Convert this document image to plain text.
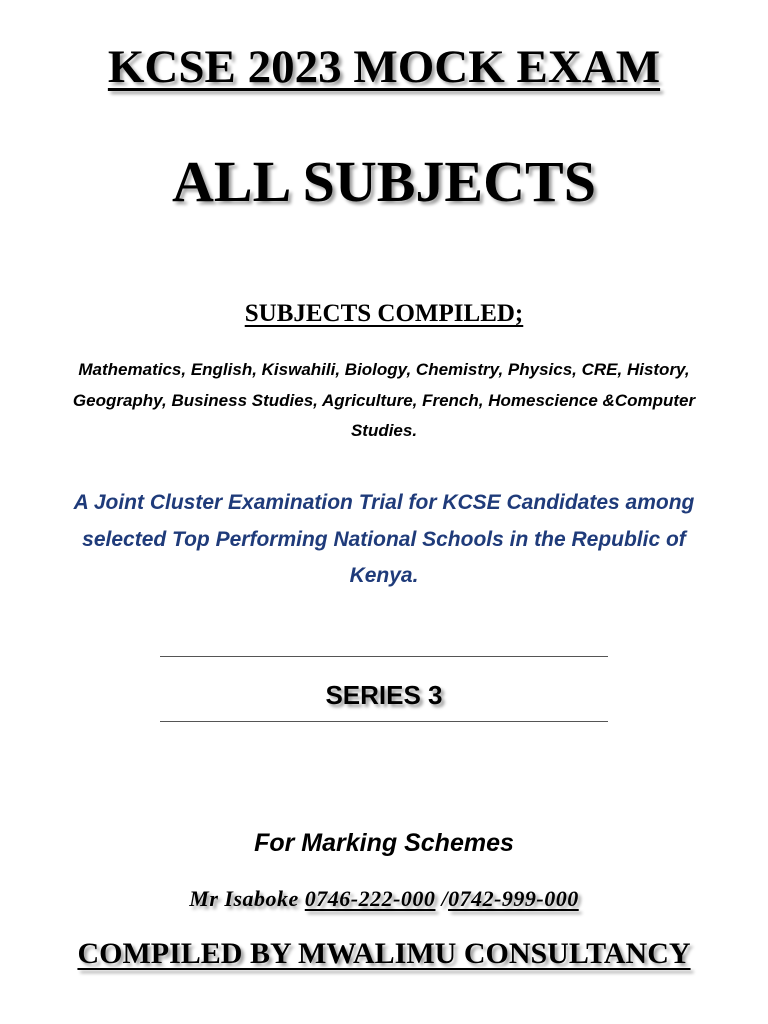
KCSE 2023 MOCK EXAM
ALL SUBJECTS
SUBJECTS COMPILED;
Mathematics, English, Kiswahili, Biology, Chemistry, Physics, CRE, History, Geography, Business Studies, Agriculture, French, Homescience &Computer Studies.
A Joint Cluster Examination Trial for KCSE Candidates among selected Top Performing National Schools in the Republic of Kenya.
SERIES 3
For Marking Schemes
Mr Isaboke 0746-222-000 /0742-999-000
COMPILED BY MWALIMU CONSULTANCY
